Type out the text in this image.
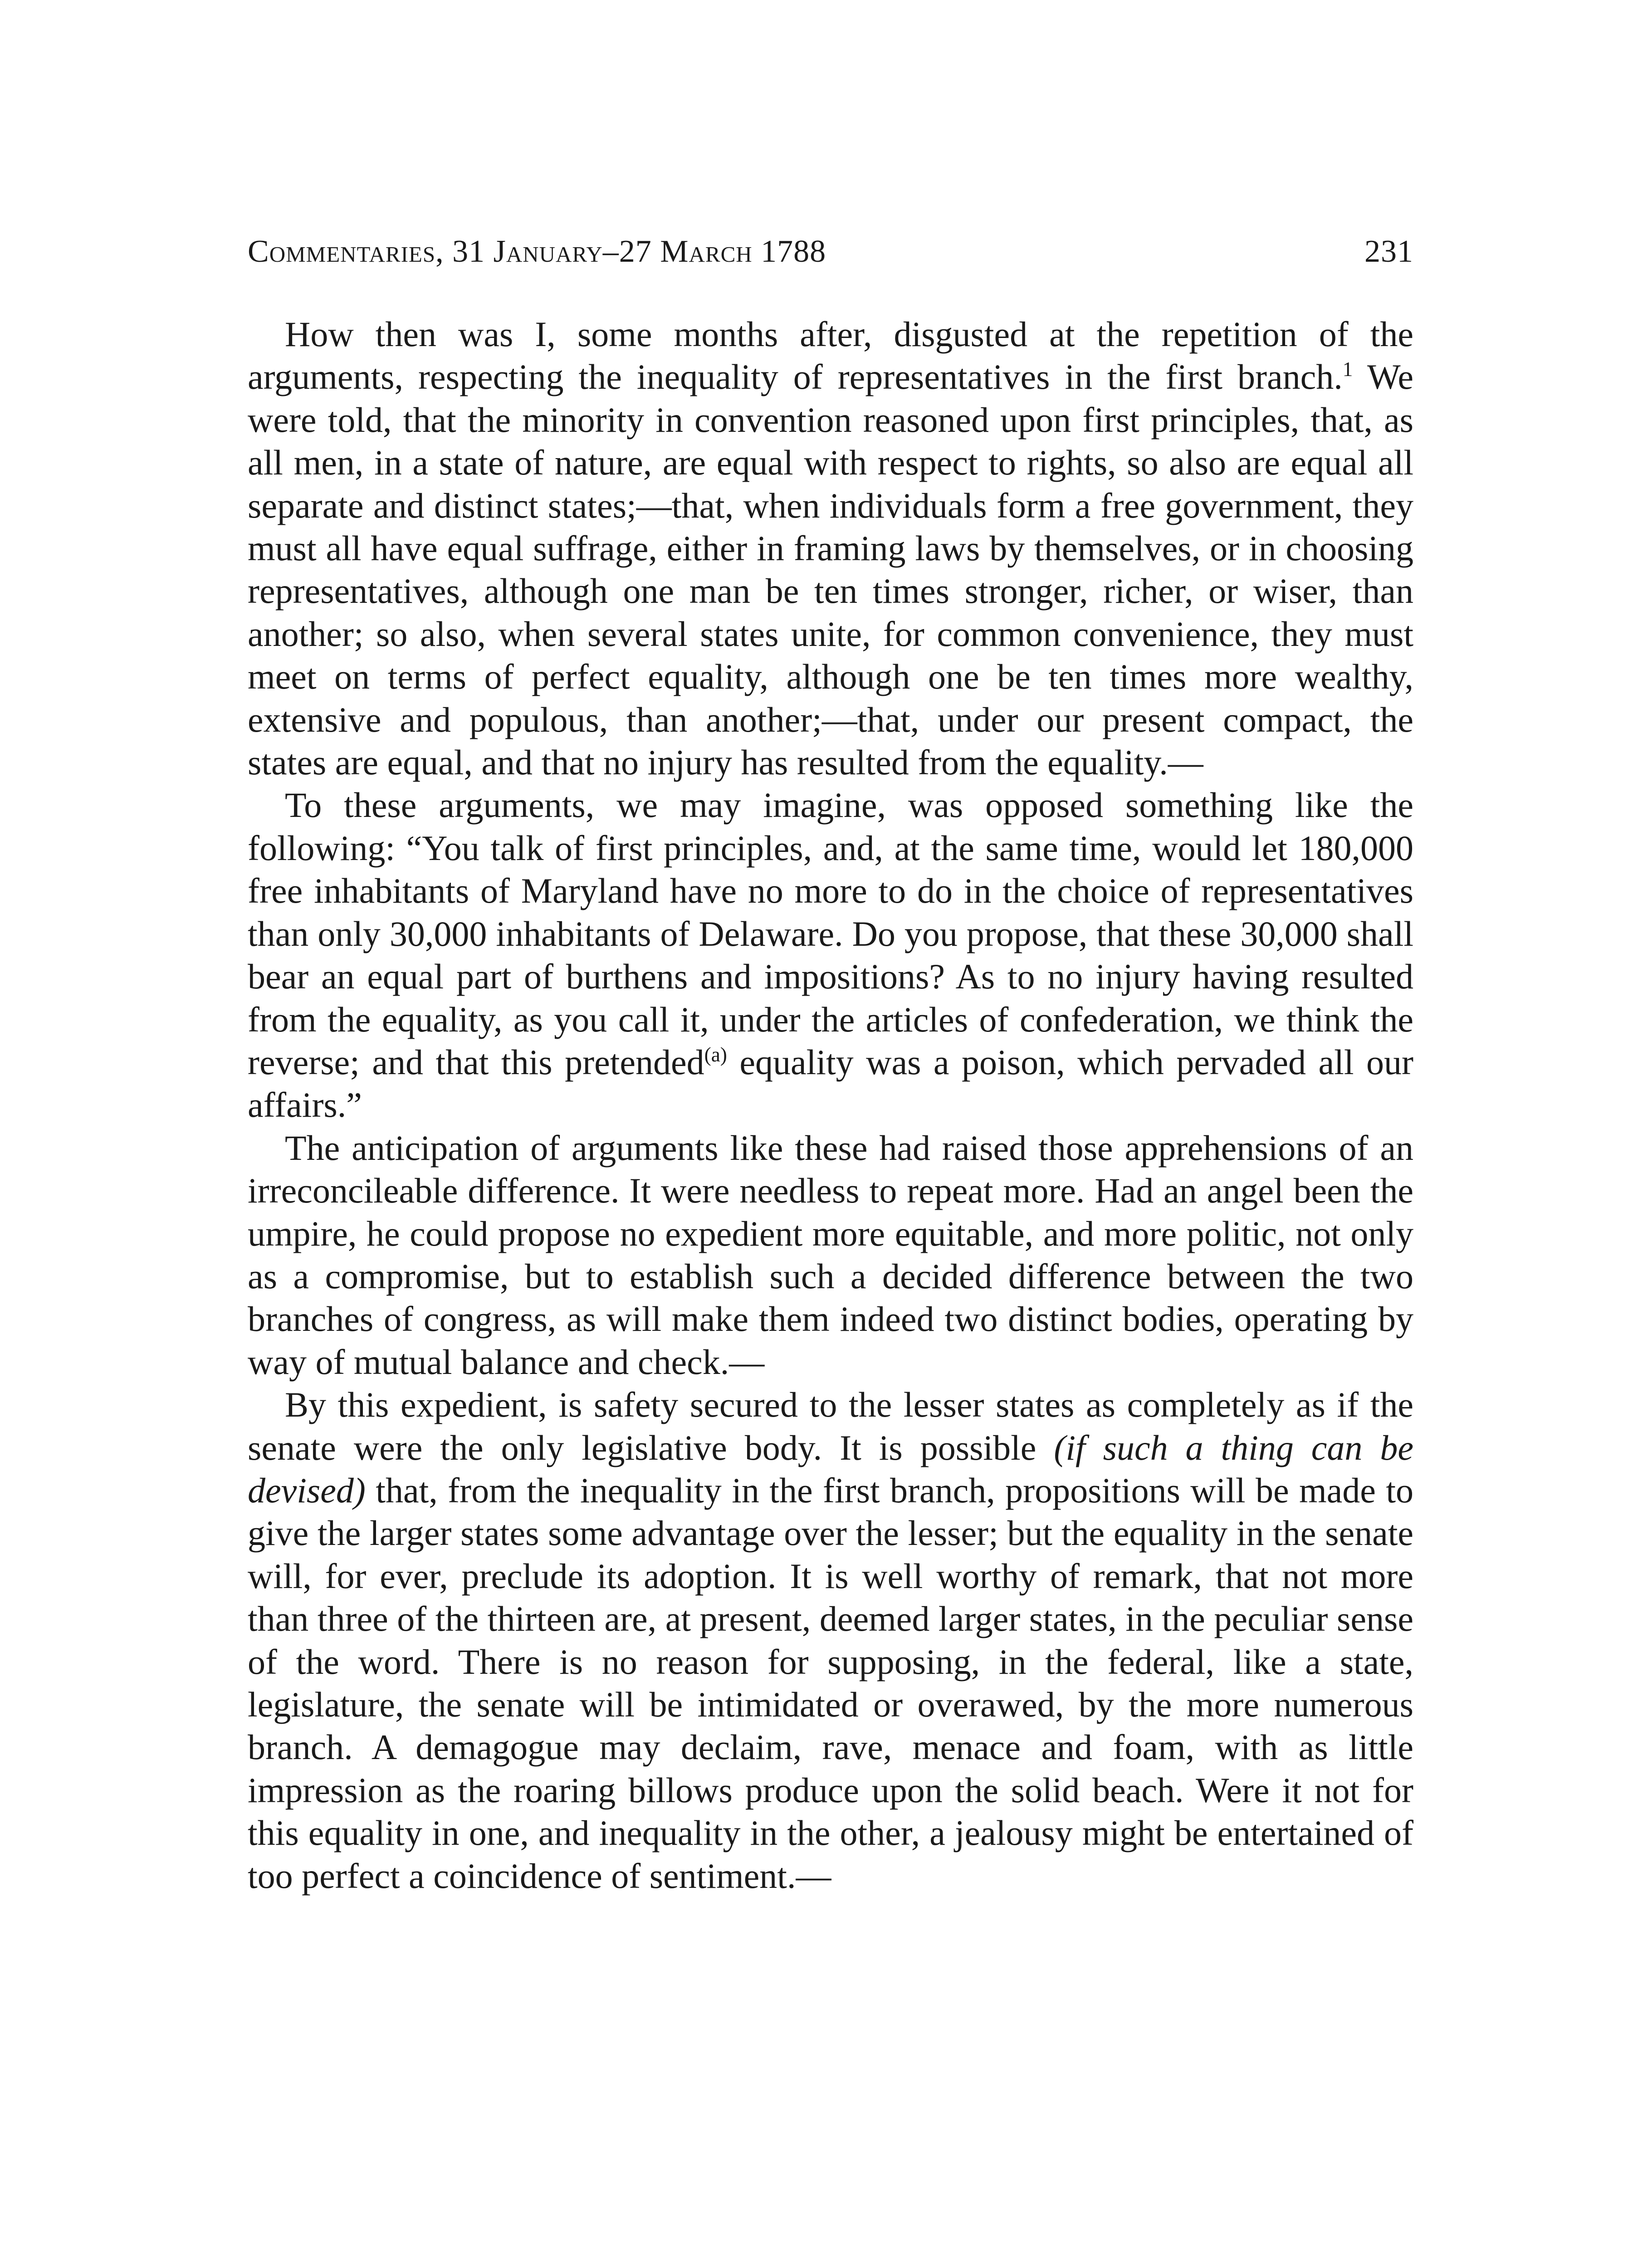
Commentaries, 31 January–27 March 1788	231

How then was I, some months after, disgusted at the repetition of the arguments, respecting the inequality of representatives in the first branch.$^1$ We were told, that the minority in convention reasoned upon first principles, that, as all men, in a state of nature, are equal with respect to rights, so also are equal all separate and distinct states;—that, when individuals form a free government, they must all have equal suffrage, either in framing laws by themselves, or in choosing representatives, although one man be ten times stronger, richer, or wiser, than another; so also, when several states unite, for common convenience, they must meet on terms of perfect equality, although one be ten times more wealthy, extensive and populous, than another;—that, under our present compact, the states are equal, and that no injury has resulted from the equality.—

To these arguments, we may imagine, was opposed something like the following: “You talk of first principles, and, at the same time, would let 180,000 free inhabitants of Maryland have no more to do in the choice of representatives than only 30,000 inhabitants of Delaware. Do you propose, that these 30,000 shall bear an equal part of burthens and impositions? As to no injury having resulted from the equality, as you call it, under the articles of confederation, we think the reverse; and that this pretended$^{(a)}$ equality was a poison, which pervaded all our affairs.”

The anticipation of arguments like these had raised those apprehensions of an irreconcileable difference. It were needless to repeat more. Had an angel been the umpire, he could propose no expedient more equitable, and more politic, not only as a compromise, but to establish such a decided difference between the two branches of congress, as will make them indeed two distinct bodies, operating by way of mutual balance and check.—

By this expedient, is safety secured to the lesser states as completely as if the senate were the only legislative body. It is possible (if such a thing can be devised) that, from the inequality in the first branch, propositions will be made to give the larger states some advantage over the lesser; but the equality in the senate will, for ever, preclude its adoption. It is well worthy of remark, that not more than three of the thirteen are, at present, deemed larger states, in the peculiar sense of the word. There is no reason for supposing, in the federal, like a state, legislature, the senate will be intimidated or overawed, by the more numerous branch. A demagogue may declaim, rave, menace and foam, with as little impression as the roaring billows produce upon the solid beach. Were it not for this equality in one, and inequality in the other, a jealousy might be entertained of too perfect a coincidence of sentiment.—
